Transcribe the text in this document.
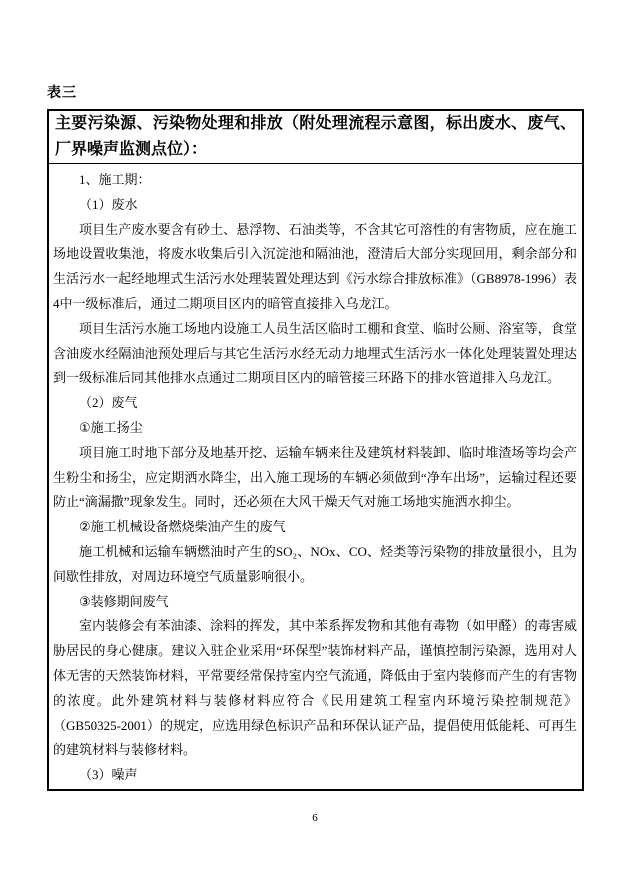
表三
主要污染源、污染物处理和排放（附处理流程示意图，标出废水、废气、
厂界噪声监测点位）：

1、施工期：

（1）废水

项目生产废水要含有砂土、悬浮物、石油类等，不含其它可溶性的有害物质，应在施工场地设置收集池，将废水收集后引入沉淀池和隔油池，澄清后大部分实现回用，剩余部分和生活污水一起经地埋式生活污水处理装置处理达到《污水综合排放标准》（GB8978-1996）表4中一级标准后，通过二期项目区内的暗管直接排入乌龙江。

项目生活污水施工场地内设施工人员生活区临时工棚和食堂、临时公厕、浴室等，食堂含油废水经隔油池预处理后与其它生活污水经无动力地埋式生活污水一体化处理装置处理达到一级标准后同其他排水点通过二期项目区内的暗管接三环路下的排水管道排入乌龙江。

（2）废气

①施工扬尘

项目施工时地下部分及地基开挖、运输车辆来往及建筑材料装卸、临时堆渣场等均会产生粉尘和扬尘，应定期洒水降尘，出入施工现场的车辆必须做到“净车出场”，运输过程还要防止“滴漏撒”现象发生。同时，还必须在大风干燥天气对施工场地实施洒水抑尘。

②施工机械设备燃烧柴油产生的废气

施工机械和运输车辆燃油时产生的SO₂、NOx、CO、烃类等污染物的排放量很小，且为间歇性排放，对周边环境空气质量影响很小。

③装修期间废气

室内装修会有苯油漆、涂料的挥发，其中苯系挥发物和其他有毒物（如甲醛）的毒害威胁居民的身心健康。建议入驻企业采用“环保型”装饰材料产品，谨慎控制污染源，选用对人体无害的天然装饰材料，平常要经常保持室内空气流通，降低由于室内装修而产生的有害物的浓度。此外建筑材料与装修材料应符合《民用建筑工程室内环境污染控制规范》（GB50325-2001）的规定，应选用绿色标识产品和环保认证产品，提倡使用低能耗、可再生的建筑材料与装修材料。

（3）噪声

6
